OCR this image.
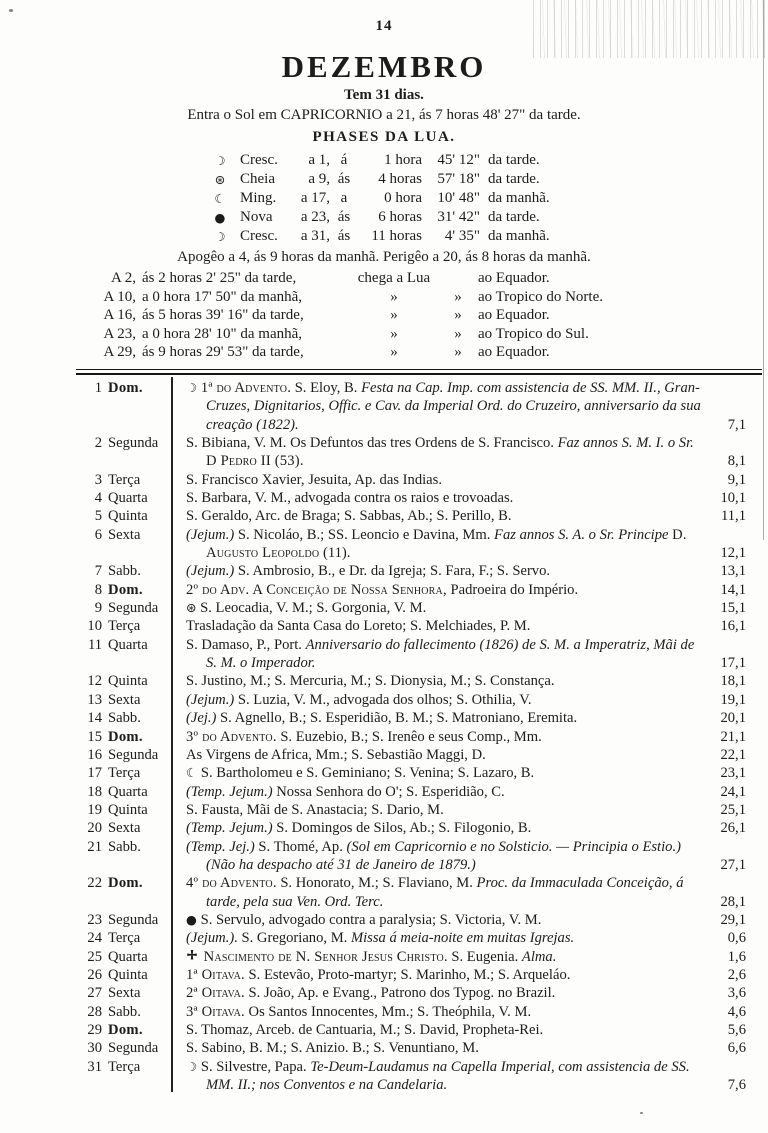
14
DEZEMBRO
Tem 31 dias.
Entra o Sol em CAPRICORNIO a 21, ás 7 horas 48' 27" da tarde.
PHASES DA LUA.
☽ Cresc.	a 1, á	1 hora	45' 12" da tarde.
⊛ Cheia	a 9, ás	4 horas	57' 18" da tarde.
☾ Ming.	a 17, a	0 hora	10' 48" da manhã.
● Nova	a 23, ás	6 horas	31' 42" da tarde.
☽ Cresc.	a 31, ás	11 horas	4' 35" da manhã.
Apogêo a 4, ás 9 horas da manhã. Perigêo a 20, ás 8 horas da manhã.
A 2, ás 2 horas 2' 25" da tarde,	chega a Lua	ao Equador.
A 10, a 0 hora 17' 50" da manhã,	»	»	ao Tropico do Norte.
A 16, ás 5 horas 39' 16" da tarde,	»	»	ao Equador.
A 23, a 0 hora 28' 10" da manhã,	»	»	ao Tropico do Sul.
A 29, ás 9 horas 29' 53" da tarde,	»	»	ao Equador.
1 Dom.	☽ 1ª do Advento. S. Eloy, B. Festa na Cap. Imp. com assistencia de SS. MM. II., Gran-Cruzes, Dignitarios, Offic. e Cav. da Imperial Ord. do Cruzeiro, anniversario da sua creação (1822).	7,1
2 Segunda	S. Bibiana, V. M. Os Defuntos das tres Ordens de S. Francisco. Faz annos S. M. I. o Sr. D Pedro II (53).	8,1
3 Terça	S. Francisco Xavier, Jesuita, Ap. das Indias.	9,1
4 Quarta	S. Barbara, V. M., advogada contra os raios e trovoadas.	10,1
5 Quinta	S. Geraldo, Arc. de Braga; S. Sabbas, Ab.; S. Perillo, B.	11,1
6 Sexta	(Jejum.) S. Nicoláo, B.; SS. Leoncio e Davina, Mm. Faz annos S. A. o Sr. Principe D. Augusto Leopoldo (11).	12,1
7 Sabb.	(Jejum.) S. Ambrosio, B., e Dr. da Igreja; S. Fara, F.; S. Servo.	13,1
8 Dom.	2º do Adv. A Conceição de Nossa Senhora, Padroeira do Império.	14,1
9 Segunda	⊛ S. Leocadia, V. M.; S. Gorgonia, V. M.	15,1
10 Terça	Trasladação da Santa Casa do Loreto; S. Melchiades, P. M.	16,1
11 Quarta	S. Damaso, P., Port. Anniversario do fallecimento (1826) de S. M. a Imperatriz, Mãi de S. M. o Imperador.	17,1
12 Quinta	S. Justino, M.; S. Mercuria, M.; S. Dionysia, M.; S. Constança.	18,1
13 Sexta	(Jejum.) S. Luzia, V. M., advogada dos olhos; S. Othilia, V.	19,1
14 Sabb.	(Jej.) S. Agnello, B.; S. Esperidião, B. M.; S. Matroniano, Eremita.	20,1
15 Dom.	3º do Advento. S. Euzebio, B.; S. Irenêo e seus Comp., Mm.	21,1
16 Segunda	As Virgens de Africa, Mm.; S. Sebastião Maggi, D.	22,1
17 Terça	☾ S. Bartholomeu e S. Geminiano; S. Venina; S. Lazaro, B.	23,1
18 Quarta	(Temp. Jejum.) Nossa Senhora do O'; S. Esperidião, C.	24,1
19 Quinta	S. Fausta, Mãi de S. Anastacia; S. Dario, M.	25,1
20 Sexta	(Temp. Jejum.) S. Domingos de Silos, Ab.; S. Filogonio, B.	26,1
21 Sabb.	(Temp. Jej.) S. Thomé, Ap. (Sol em Capricornio e no Solsticio. — Principia o Estio.) (Não ha despacho até 31 de Janeiro de 1879.)	27,1
22 Dom.	4º do Advento. S. Honorato, M.; S. Flaviano, M. Proc. da Immaculada Conceição, á tarde, pela sua Ven. Ord. Terc.	28,1
23 Segunda	● S. Servulo, advogado contra a paralysia; S. Victoria, V. M.	29,1
24 Terça	(Jejum.). S. Gregoriano, M. Missa á meia-noite em muitas Igrejas.	0,6
25 Quarta	Nascimento de N. Senhor Jesus Christo. S. Eugenia. Alma.	1,6
26 Quinta	1ª Oitava. S. Estevão, Proto-martyr; S. Marinho, M.; S. Arqueláo.	2,6
27 Sexta	2ª Oitava. S. João, Ap. e Evang., Patrono dos Typog. no Brazil.	3,6
28 Sabb.	3ª Oitava. Os Santos Innocentes, Mm.; S. Theóphila, V. M.	4,6
29 Dom.	S. Thomaz, Arceb. de Cantuaria, M.; S. David, Propheta-Rei.	5,6
30 Segunda	S. Sabino, B. M.; S. Anizio. B.; S. Venuntiano, M.	6,6
31 Terça	☽ S. Silvestre, Papa. Te-Deum-Laudamus na Capella Imperial, com assistencia de SS. MM. II.; nos Conventos e na Candelaria.	7,6
